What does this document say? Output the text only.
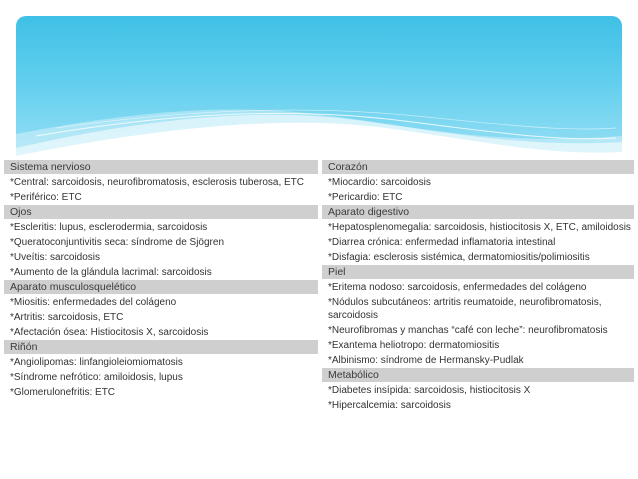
Sistema nervioso
*Central: sarcoidosis, neurofibromatosis, esclerosis tuberosa, ETC
*Periférico: ETC
Ojos
*Escleritis: lupus, esclerodermia, sarcoidosis
*Queratoconjuntivitis seca: síndrome de Sjögren
*Uveítis: sarcoidosis
*Aumento de la glándula lacrimal: sarcoidosis
Aparato musculosquelético
*Miositis: enfermedades del colágeno
*Artritis: sarcoidosis, ETC
*Afectación ósea: Histiocitosis X, sarcoidosis
Riñón
*Angiolipomas: linfangioleiomiomatosis
*Síndrome nefrótico: amiloidosis, lupus
*Glomerulonefritis: ETC
Corazón
*Miocardio: sarcoidosis
*Pericardio: ETC
Aparato digestivo
*Hepatosplenomegalia: sarcoidosis, histiocitosis X, ETC, amiloidosis
*Diarrea crónica: enfermedad inflamatoria intestinal
*Disfagia: esclerosis sistémica, dermatomiositis/polimiositis
Piel
*Eritema nodoso: sarcoidosis, enfermedades del colágeno
*Nódulos subcutáneos: artritis reumatoide, neurofibromatosis, sarcoidosis
*Neurofibromas y manchas “café con leche”: neurofibromatosis
*Exantema heliotropo: dermatomiositis
*Albinismo: síndrome de Hermansky-Pudlak
Metabólico
*Diabetes insípida: sarcoidosis, histiocitosis X
*Hipercalcemia: sarcoidosis
